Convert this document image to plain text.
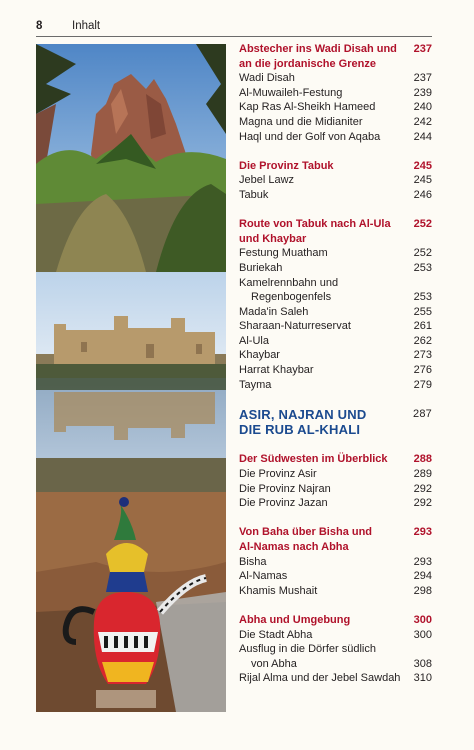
8	Inhalt
Abstecher ins Wadi Disah und	237
an die jordanische Grenze
Wadi Disah	237
Al-Muwaileh-Festung	239
Kap Ras Al-Sheikh Hameed	240
Magna und die Midianiter	242
Haql und der Golf von Aqaba	244
Die Provinz Tabuk	245
Jebel Lawz	245
Tabuk	246
Route von Tabuk nach Al-Ula	252
und Khaybar
Festung Muatham	252
Buriekah	253
Kamelrennbahn und
Regenbogenfels	253
Mada'in Saleh	255
Sharaan-Naturreservat	261
Al-Ula	262
Khaybar	273
Harrat Khaybar	276
Tayma	279
ASIR, NAJRAN UND	287
DIE RUB AL-KHALI
Der Südwesten im Überblick	288
Die Provinz Asir	289
Die Provinz Najran	292
Die Provinz Jazan	292
Von Baha über Bisha und	293
Al-Namas nach Abha
Bisha	293
Al-Namas	294
Khamis Mushait	298
Abha und Umgebung	300
Die Stadt Abha	300
Ausflug in die Dörfer südlich
von Abha	308
Rijal Alma und der Jebel Sawdah	310
